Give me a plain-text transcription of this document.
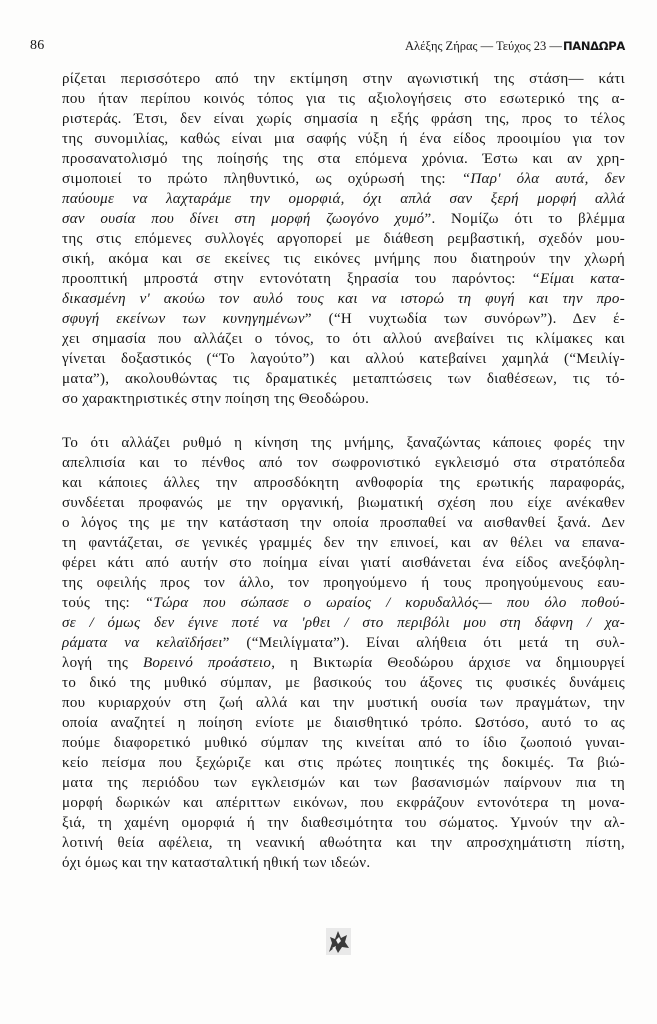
86	Αλέξης Ζήρας — Τεύχος 23 — ΠΑΝΔΩΡΑ
ρίζεται περισσότερο από την εκτίμηση στην αγωνιστική της στάση— κάτι
που ήταν περίπου κοινός τόπος για τις αξιολογήσεις στο εσωτερικό της α-
ριστεράς. Έτσι, δεν είναι χωρίς σημασία η εξής φράση της, προς το τέλος
της συνομιλίας, καθώς είναι μια σαφής νύξη ή ένα είδος προοιμίου για τον
προσανατολισμό της ποίησής της στα επόμενα χρόνια. Έστω και αν χρη-
σιμοποιεί το πρώτο πληθυντικό, ως οχύρωσή της: “Παρ' όλα αυτά, δεν
παύουμε να λαχταράμε την ομορφιά, όχι απλά σαν ξερή μορφή αλλά
σαν ουσία που δίνει στη μορφή ζωογόνο χυμό”. Νομίζω ότι το βλέμμα
της στις επόμενες συλλογές αργοπορεί με διάθεση ρεμβαστική, σχεδόν μου-
σική, ακόμα και σε εκείνες τις εικόνες μνήμης που διατηρούν την χλωρή
προοπτική μπροστά στην εντονότατη ξηρασία του παρόντος: “Είμαι κατα-
δικασμένη ν' ακούω τον αυλό τους και να ιστορώ τη φυγή και την προ-
σφυγή εκείνων των κυνηγημένων” (“Η νυχτωδία των συνόρων”). Δεν έ-
χει σημασία που αλλάζει ο τόνος, το ότι αλλού ανεβαίνει τις κλίμακες και
γίνεται δοξαστικός (“Το λαγούτο”) και αλλού κατεβαίνει χαμηλά (“Μειλίγ-
ματα”), ακολουθώντας τις δραματικές μεταπτώσεις των διαθέσεων, τις τό-
σο χαρακτηριστικές στην ποίηση της Θεοδώρου.
Το ότι αλλάζει ρυθμό η κίνηση της μνήμης, ξαναζώντας κάποιες φορές την
απελπισία και το πένθος από τον σωφρονιστικό εγκλεισμό στα στρατόπεδα
και κάποιες άλλες την απροσδόκητη ανθοφορία της ερωτικής παραφοράς,
συνδέεται προφανώς με την οργανική, βιωματική σχέση που είχε ανέκαθεν
ο λόγος της με την κατάσταση την οποία προσπαθεί να αισθανθεί ξανά. Δεν
τη φαντάζεται, σε γενικές γραμμές δεν την επινοεί, και αν θέλει να επανα-
φέρει κάτι από αυτήν στο ποίημα είναι γιατί αισθάνεται ένα είδος ανεξόφλη-
της οφειλής προς τον άλλο, τον προηγούμενο ή τους προηγούμενους εαυ-
τούς της: “Τώρα που σώπασε ο ωραίος / κορυδαλλός— που όλο ποθού-
σε / όμως δεν έγινε ποτέ να 'ρθει / στο περιβόλι μου στη δάφνη / χα-
ράματα να κελαϊδήσει” (“Μειλίγματα”). Είναι αλήθεια ότι μετά τη συλ-
λογή της Βορεινό προάστειο, η Βικτωρία Θεοδώρου άρχισε να δημιουργεί
το δικό της μυθικό σύμπαν, με βασικούς του άξονες τις φυσικές δυνάμεις
που κυριαρχούν στη ζωή αλλά και την μυστική ουσία των πραγμάτων, την
οποία αναζητεί η ποίηση ενίοτε με διαισθητικό τρόπο. Ωστόσο, αυτό το ας
πούμε διαφορετικό μυθικό σύμπαν της κινείται από το ίδιο ζωοποιό γυναι-
κείο πείσμα που ξεχώριζε και στις πρώτες ποιητικές της δοκιμές. Τα βιώ-
ματα της περιόδου των εγκλεισμών και των βασανισμών παίρνουν πια τη
μορφή δωρικών και απέριττων εικόνων, που εκφράζουν εντονότερα τη μονα-
ξιά, τη χαμένη ομορφιά ή την διαθεσιμότητα του σώματος. Υμνούν την αλ-
λοτινή θεία αφέλεια, τη νεανική αθωότητα και την απροσχημάτιστη πίστη,
όχι όμως και την κατασταλτική ηθική των ιδεών.
